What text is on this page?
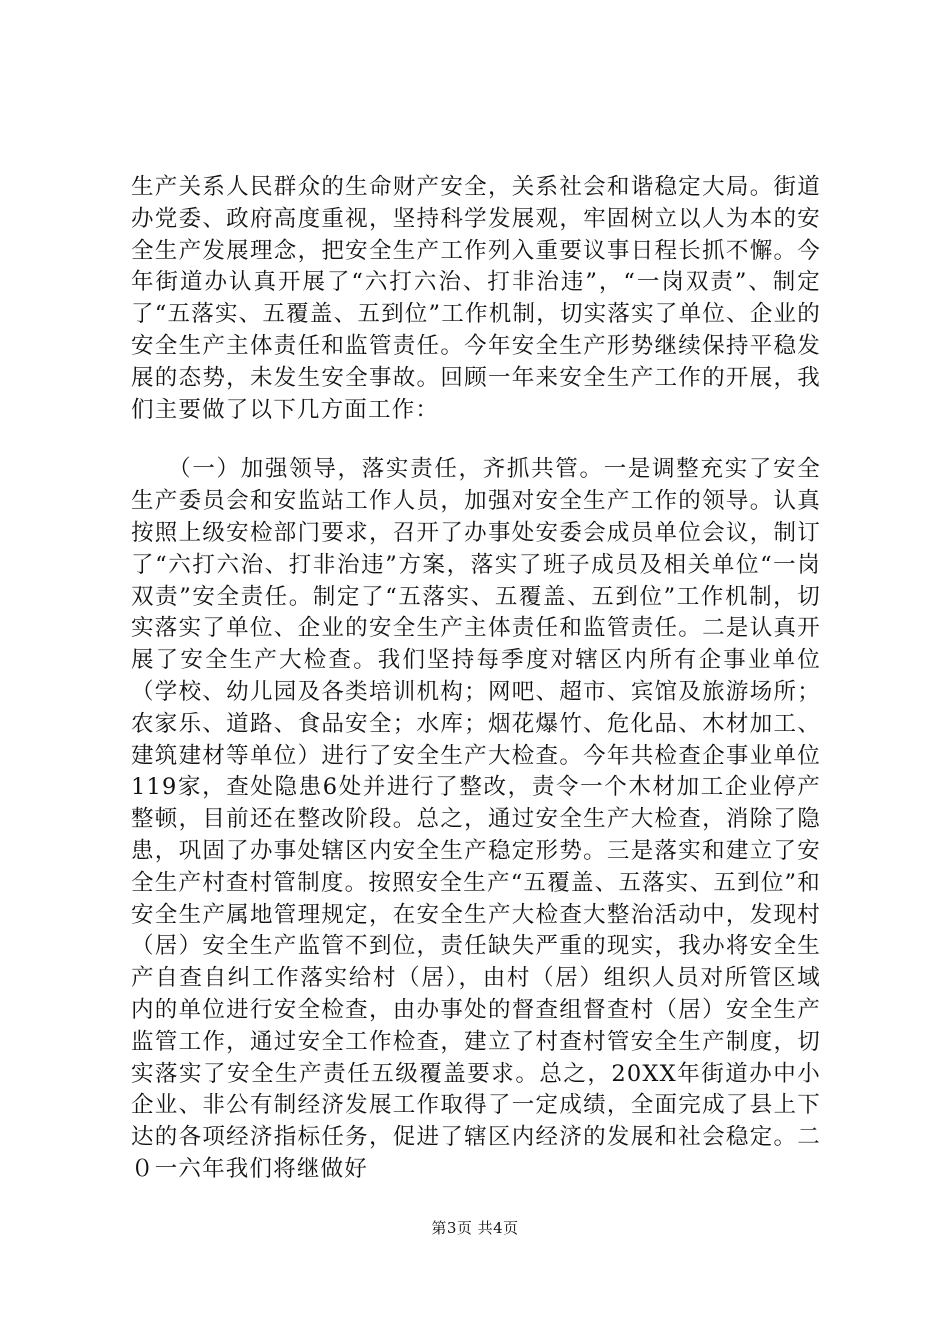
生产关系人民群众的生命财产安全，关系社会和谐稳定大局。街道办党委、政府高度重视，坚持科学发展观，牢固树立以人为本的安全生产发展理念，把安全生产工作列入重要议事日程长抓不懈。今年街道办认真开展了“六打六治、打非治违”，“一岗双责”、制定了“五落实、五覆盖、五到位”工作机制，切实落实了单位、企业的安全生产主体责任和监管责任。今年安全生产形势继续保持平稳发展的态势，未发生安全事故。回顾一年来安全生产工作的开展，我们主要做了以下几方面工作：

　　（一）加强领导，落实责任，齐抓共管。一是调整充实了安全生产委员会和安监站工作人员，加强对安全生产工作的领导。认真按照上级安检部门要求，召开了办事处安委会成员单位会议，制订了“六打六治、打非治违”方案，落实了班子成员及相关单位“一岗双责”安全责任。制定了“五落实、五覆盖、五到位”工作机制，切实落实了单位、企业的安全生产主体责任和监管责任。二是认真开展了安全生产大检查。我们坚持每季度对辖区内所有企事业单位（学校、幼儿园及各类培训机构；网吧、超市、宾馆及旅游场所；农家乐、道路、食品安全；水库；烟花爆竹、危化品、木材加工、建筑建材等单位）进行了安全生产大检查。今年共检查企事业单位119家，查处隐患6处并进行了整改，责令一个木材加工企业停产整顿，目前还在整改阶段。总之，通过安全生产大检查，消除了隐患，巩固了办事处辖区内安全生产稳定形势。三是落实和建立了安全生产村查村管制度。按照安全生产“五覆盖、五落实、五到位”和安全生产属地管理规定，在安全生产大检查大整治活动中，发现村（居）安全生产监管不到位，责任缺失严重的现实，我办将安全生产自查自纠工作落实给村（居），由村（居）组织人员对所管区域内的单位进行安全检查，由办事处的督查组督查村（居）安全生产监管工作，通过安全工作检查，建立了村查村管安全生产制度，切实落实了安全生产责任五级覆盖要求。总之，20XX年街道办中小企业、非公有制经济发展工作取得了一定成绩，全面完成了县上下达的各项经济指标任务，促进了辖区内经济的发展和社会稳定。二０一六年我们将继做好

第3页 共4页
